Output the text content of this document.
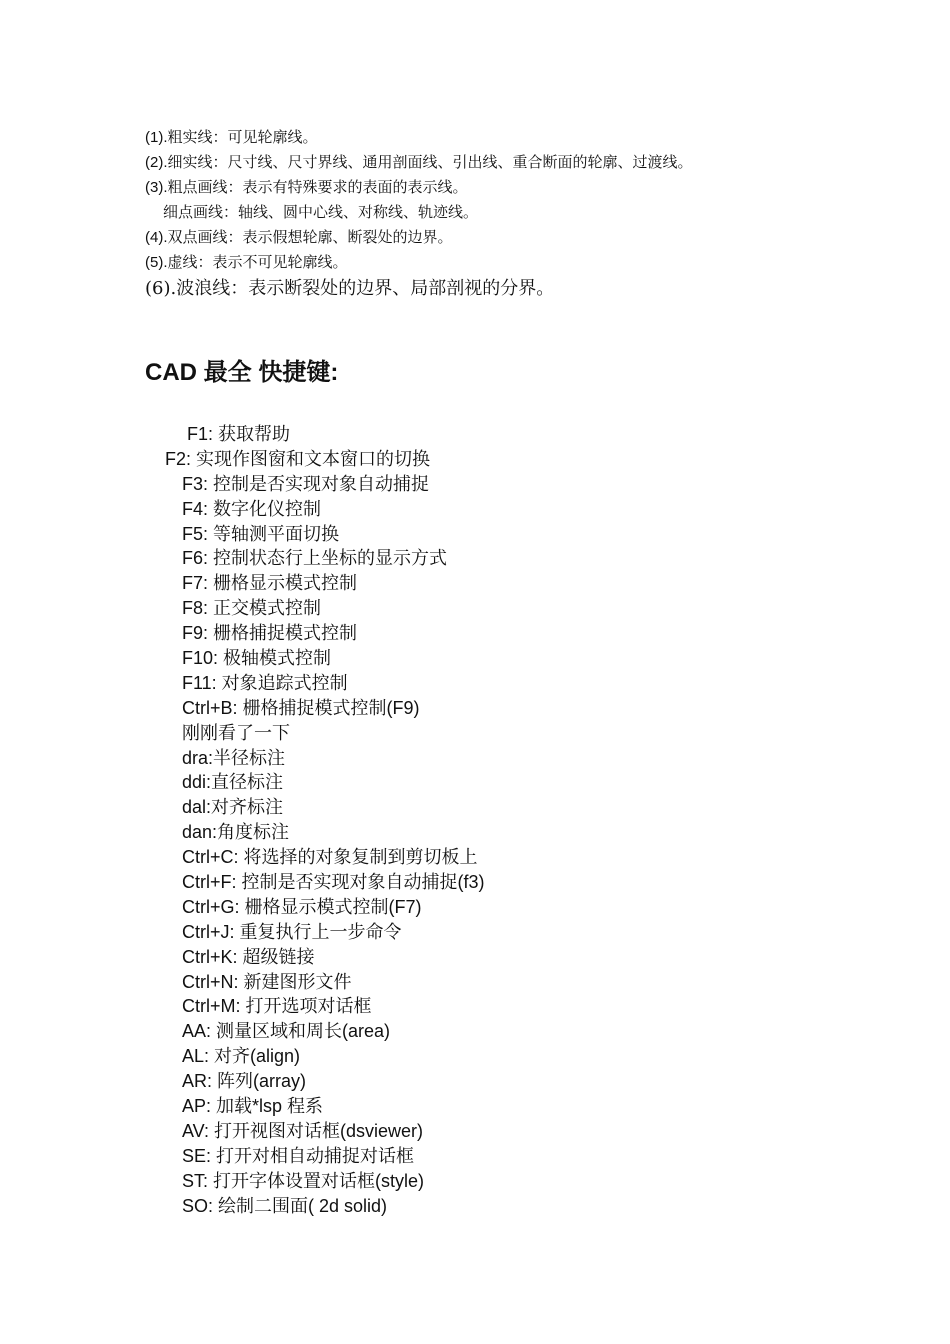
(1).粗实线：可见轮廓线。
(2).细实线：尺寸线、尺寸界线、通用剖面线、引出线、重合断面的轮廓、过渡线。
(3).粗点画线：表示有特殊要求的表面的表示线。
细点画线：轴线、圆中心线、对称线、轨迹线。
(4).双点画线：表示假想轮廓、断裂处的边界。
(5).虚线：表示不可见轮廓线。
(6).波浪线：表示断裂处的边界、局部剖视的分界。
CAD 最全 快捷键:
F1: 获取帮助
F2: 实现作图窗和文本窗口的切换
F3: 控制是否实现对象自动捕捉
F4: 数字化仪控制
F5: 等轴测平面切换
F6: 控制状态行上坐标的显示方式
F7: 栅格显示模式控制
F8: 正交模式控制
F9: 栅格捕捉模式控制
F10: 极轴模式控制
F11: 对象追踪式控制
Ctrl+B: 栅格捕捉模式控制(F9)
刚刚看了一下
dra:半径标注
ddi:直径标注
dal:对齐标注
dan:角度标注
Ctrl+C: 将选择的对象复制到剪切板上
Ctrl+F: 控制是否实现对象自动捕捉(f3)
Ctrl+G: 栅格显示模式控制(F7)
Ctrl+J: 重复执行上一步命令
Ctrl+K: 超级链接
Ctrl+N: 新建图形文件
Ctrl+M: 打开选项对话框
AA: 测量区域和周长(area)
AL: 对齐(align)
AR: 阵列(array)
AP: 加载*lsp 程系
AV: 打开视图对话框(dsviewer)
SE: 打开对相自动捕捉对话框
ST: 打开字体设置对话框(style)
SO: 绘制二围面( 2d solid)
